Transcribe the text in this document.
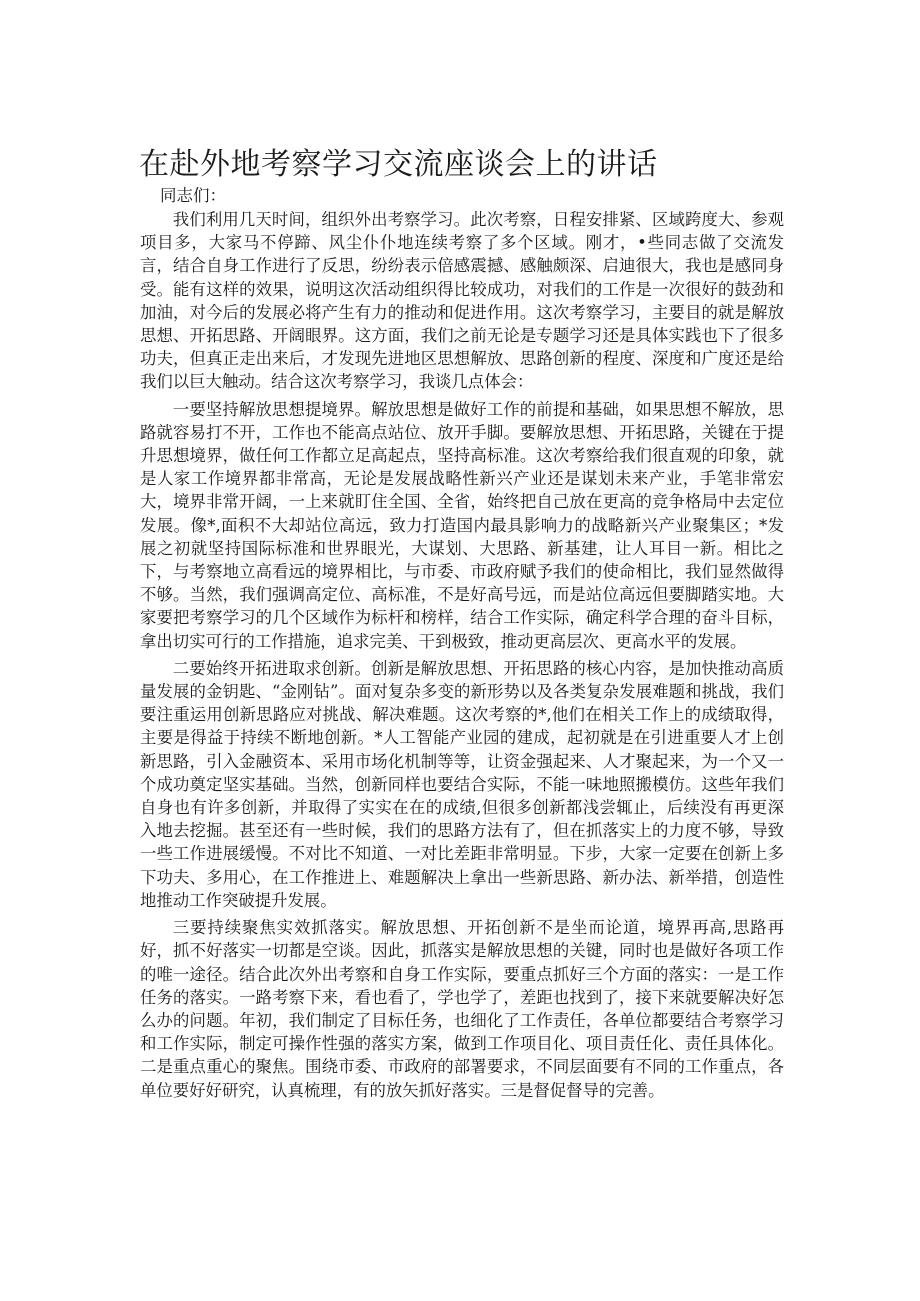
在赴外地考察学习交流座谈会上的讲话
同志们：

我们利用几天时间，组织外出考察学习。此次考察，日程安排紧、区域跨度大、参观项目多，大家马不停蹄、风尘仆仆地连续考察了多个区域。刚才，•些同志做了交流发言，结合自身工作进行了反思，纷纷表示倍感震撼、感触颇深、启迪很大，我也是感同身受。能有这样的效果，说明这次活动组织得比较成功，对我们的工作是一次很好的鼓劲和加油，对今后的发展必将产生有力的推动和促进作用。这次考察学习，主要目的就是解放思想、开拓思路、开阔眼界。这方面，我们之前无论是专题学习还是具体实践也下了很多功夫，但真正走出来后，才发现先进地区思想解放、思路创新的程度、深度和广度还是给我们以巨大触动。结合这次考察学习，我谈几点体会：

一要坚持解放思想提境界。解放思想是做好工作的前提和基础，如果思想不解放，思路就容易打不开，工作也不能高点站位、放开手脚。要解放思想、开拓思路，关键在于提升思想境界，做任何工作都立足高起点，坚持高标准。这次考察给我们很直观的印象，就是人家工作境界都非常高，无论是发展战略性新兴产业还是谋划未来产业，手笔非常宏大，境界非常开阔，一上来就盯住全国、全省，始终把自己放在更高的竞争格局中去定位发展。像*,面积不大却站位高远，致力打造国内最具影响力的战略新兴产业聚集区；*发展之初就坚持国际标准和世界眼光，大谋划、大思路、新基建，让人耳目一新。相比之下，与考察地立高看远的境界相比，与市委、市政府赋予我们的使命相比，我们显然做得不够。当然，我们强调高定位、高标准，不是好高号远，而是站位高远但要脚踏实地。大家要把考察学习的几个区域作为标杆和榜样，结合工作实际，确定科学合理的奋斗目标，拿出切实可行的工作措施，追求完美、干到极致，推动更高层次、更高水平的发展。

二要始终开拓进取求创新。创新是解放思想、开拓思路的核心内容，是加快推动高质量发展的金钥匙、“金刚钻”。面对复杂多变的新形势以及各类复杂发展难题和挑战，我们要注重运用创新思路应对挑战、解决难题。这次考察的*,他们在相关工作上的成绩取得，主要是得益于持续不断地创新。*人工智能产业园的建成，起初就是在引进重要人才上创新思路，引入金融资本、采用市场化机制等等，让资金强起来、人才聚起来，为一个又一个成功奠定坚实基础。当然，创新同样也要结合实际，不能一味地照搬模仿。这些年我们自身也有许多创新，并取得了实实在在的成绩,但很多创新都浅尝辄止，后续没有再更深入地去挖掘。甚至还有一些时候，我们的思路方法有了，但在抓落实上的力度不够，导致一些工作进展缓慢。不对比不知道、一对比差距非常明显。下步，大家一定要在创新上多下功夫、多用心，在工作推进上、难题解决上拿出一些新思路、新办法、新举措，创造性地推动工作突破提升发展。

三要持续聚焦实效抓落实。解放思想、开拓创新不是坐而论道，境界再高,思路再好，抓不好落实一切都是空谈。因此，抓落实是解放思想的关键，同时也是做好各项工作的唯一途径。结合此次外出考察和自身工作实际，要重点抓好三个方面的落实：一是工作任务的落实。一路考察下来，看也看了，学也学了，差距也找到了，接下来就要解决好怎么办的问题。年初，我们制定了目标任务，也细化了工作责任，各单位都要结合考察学习和工作实际，制定可操作性强的落实方案，做到工作项目化、项目责任化、责任具体化。二是重点重心的聚焦。围绕市委、市政府的部署要求，不同层面要有不同的工作重点，各单位要好好研究，认真梳理，有的放矢抓好落实。三是督促督导的完善。
